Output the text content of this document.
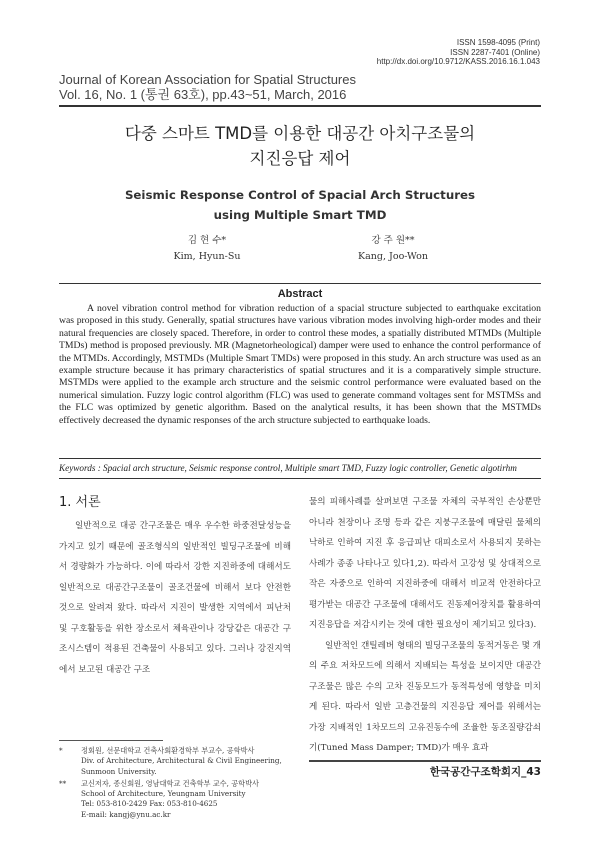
ISSN 1598-4095 (Print)
ISSN 2287-7401 (Online)
http://dx.doi.org/10.9712/KASS.2016.16.1.043
Journal of Korean Association for Spatial Structures
Vol. 16, No. 1 (통권 63호), pp.43~51, March, 2016
다중 스마트 TMD를 이용한 대공간 아치구조물의
지진응답 제어
Seismic Response Control of Spacial Arch Structures
using Multiple Smart TMD
김 현 수*
Kim, Hyun-Su
강 주 원**
Kang, Joo-Won
Abstract

A novel vibration control method for vibration reduction of a spacial structure subjected to earthquake excitation was proposed in this study. Generally, spatial structures have various vibration modes involving high-order modes and their natural frequencies are closely spaced. Therefore, in order to control these modes, a spatially distributed MTMDs (Multiple TMDs) method is proposed previously. MR (Magnetorheological) damper were used to enhance the control performance of the MTMDs. Accordingly, MSTMDs (Multiple Smart TMDs) were proposed in this study. An arch structure was used as an example structure because it has primary characteristics of spatial structures and it is a comparatively simple structure. MSTMDs were applied to the example arch structure and the seismic control performance were evaluated based on the numerical simulation. Fuzzy logic control algorithm (FLC) was used to generate command voltages sent for MSTMSs and the FLC was optimized by genetic algorithm. Based on the analytical results, it has been shown that the MSTMDs effectively decreased the dynamic responses of the arch structure subjected to earthquake loads.

Keywords : Spacial arch structure, Seismic response control, Multiple smart TMD, Fuzzy logic controller, Genetic algotirhm
1. 서론

일반적으로 대공 간구조물은 매우 우수한 하중전달성능을 가지고 있기 때문에 골조형식의 일반적인 빌딩구조물에 비해서 경량화가 가능하다. 이에 따라서 강한 지진하중에 대해서도 일반적으로 대공간구조물이 골조건물에 비해서 보다 안전한 것으로 알려져 왔다. 따라서 지진이 발생한 지역에서 피난처 및 구호활동을 위한 장소로서 체육관이나 강당같은 대공간 구조시스템이 적용된 건축물이 사용되고 있다. 그러나 강진지역에서 보고된 대공간 구조

물의 피해사례를 살펴보면 구조물 자체의 국부적인 손상뿐만 아니라 천장이나 조명 등과 같은 지붕구조물에 매달린 물체의 낙하로 인하여 지진 후 응급피난 대피소로서 사용되지 못하는 사례가 종종 나타나고 있다1,2). 따라서 고강성 및 상대적으로 작은 자중으로 인하여 지진하중에 대해서 비교적 안전하다고 평가받는 대공간 구조물에 대해서도 진동제어장치를 활용하여 지진응답을 저감시키는 것에 대한 필요성이 제기되고 있다3).

일반적인 갠틸레버 형태의 빌딩구조물의 동적거동은 몇 개의 주요 저차모드에 의해서 지배되는 특성을 보이지만 대공간 구조물은 많은 수의 고차 진동모드가 동적특성에 영향을 미치게 된다. 따라서 일반 고층건물의 지진응답 제어를 위해서는 가장 지배적인 1차모드의 고유진동수에 조율한 동조질량감쇠기(Tuned Mass Damper; TMD)가 매우 효과

*	정회원, 선문대학교 건축사회환경학부 부교수, 공학박사
Div. of Architecture, Architectural & Civil Engineering,
Sunmoon University.
** 교신저자, 종신회원, 영남대학교 건축학부 교수, 공학박사
School of Architecture, Yeungnam University
Tel: 053-810-2429 Fax: 053-810-4625
E-mail: kangj@ynu.ac.kr
한국공간구조학회지_43
